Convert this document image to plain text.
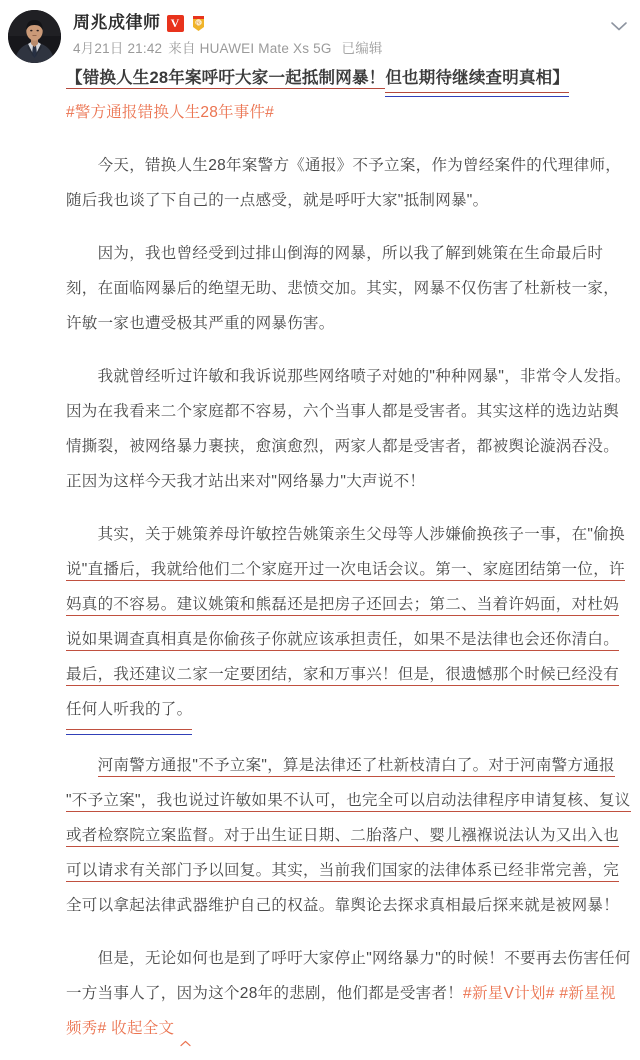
周兆成律师 V	医
4月21日 21:42 来自 HUAWEI Mate Xs 5G 已编辑
【错换人生28年案呼吁大家一起抵制网暴！但也期待继续查明真相】
#警方通报错换人生28年事件#

今天，错换人生28年案警方《通报》不予立案，作为曾经案件的代理律师，
随后我也谈了下自己的一点感受，就是呼吁大家"抵制网暴"。

因为，我也曾经受到过排山倒海的网暴，所以我了解到姚策在生命最后时
刻，在面临网暴后的绝望无助、悲愤交加。其实，网暴不仅伤害了杜新枝一家，
许敏一家也遭受极其严重的网暴伤害。

我就曾经听过许敏和我诉说那些网络喷子对她的"种种网暴"，非常令人发指。
因为在我看来二个家庭都不容易，六个当事人都是受害者。其实这样的选边站舆
情撕裂，被网络暴力裹挟，愈演愈烈，两家人都是受害者，都被舆论漩涡吞没。
正因为这样今天我才站出来对"网络暴力"大声说不！

其实，关于姚策养母许敏控告姚策亲生父母等人涉嫌偷换孩子一事，在"偷换
说"直播后，我就给他们二个家庭开过一次电话会议。第一、家庭团结第一位，许
妈真的不容易。建议姚策和熊磊还是把房子还回去；第二、当着许妈面，对杜妈
说如果调查真相真是你偷孩子你就应该承担责任，如果不是法律也会还你清白。
最后，我还建议二家一定要团结，家和万事兴！但是，很遗憾那个时候已经没有
任何人听我的了。

河南警方通报"不予立案"，算是法律还了杜新枝清白了。对于河南警方通报
"不予立案"，我也说过许敏如果不认可，也完全可以启动法律程序申请复核、复议
或者检察院立案监督。对于出生证日期、二胎落户、婴儿襁褓说法认为又出入也
可以请求有关部门予以回复。其实，当前我们国家的法律体系已经非常完善，完
全可以拿起法律武器维护自己的权益。靠舆论去探求真相最后探来就是被网暴！

但是，无论如何也是到了呼吁大家停止"网络暴力"的时候！不要再去伤害任何
一方当事人了，因为这个28年的悲剧，他们都是受害者！#新星V计划# #新星视
频秀# 收起全文
